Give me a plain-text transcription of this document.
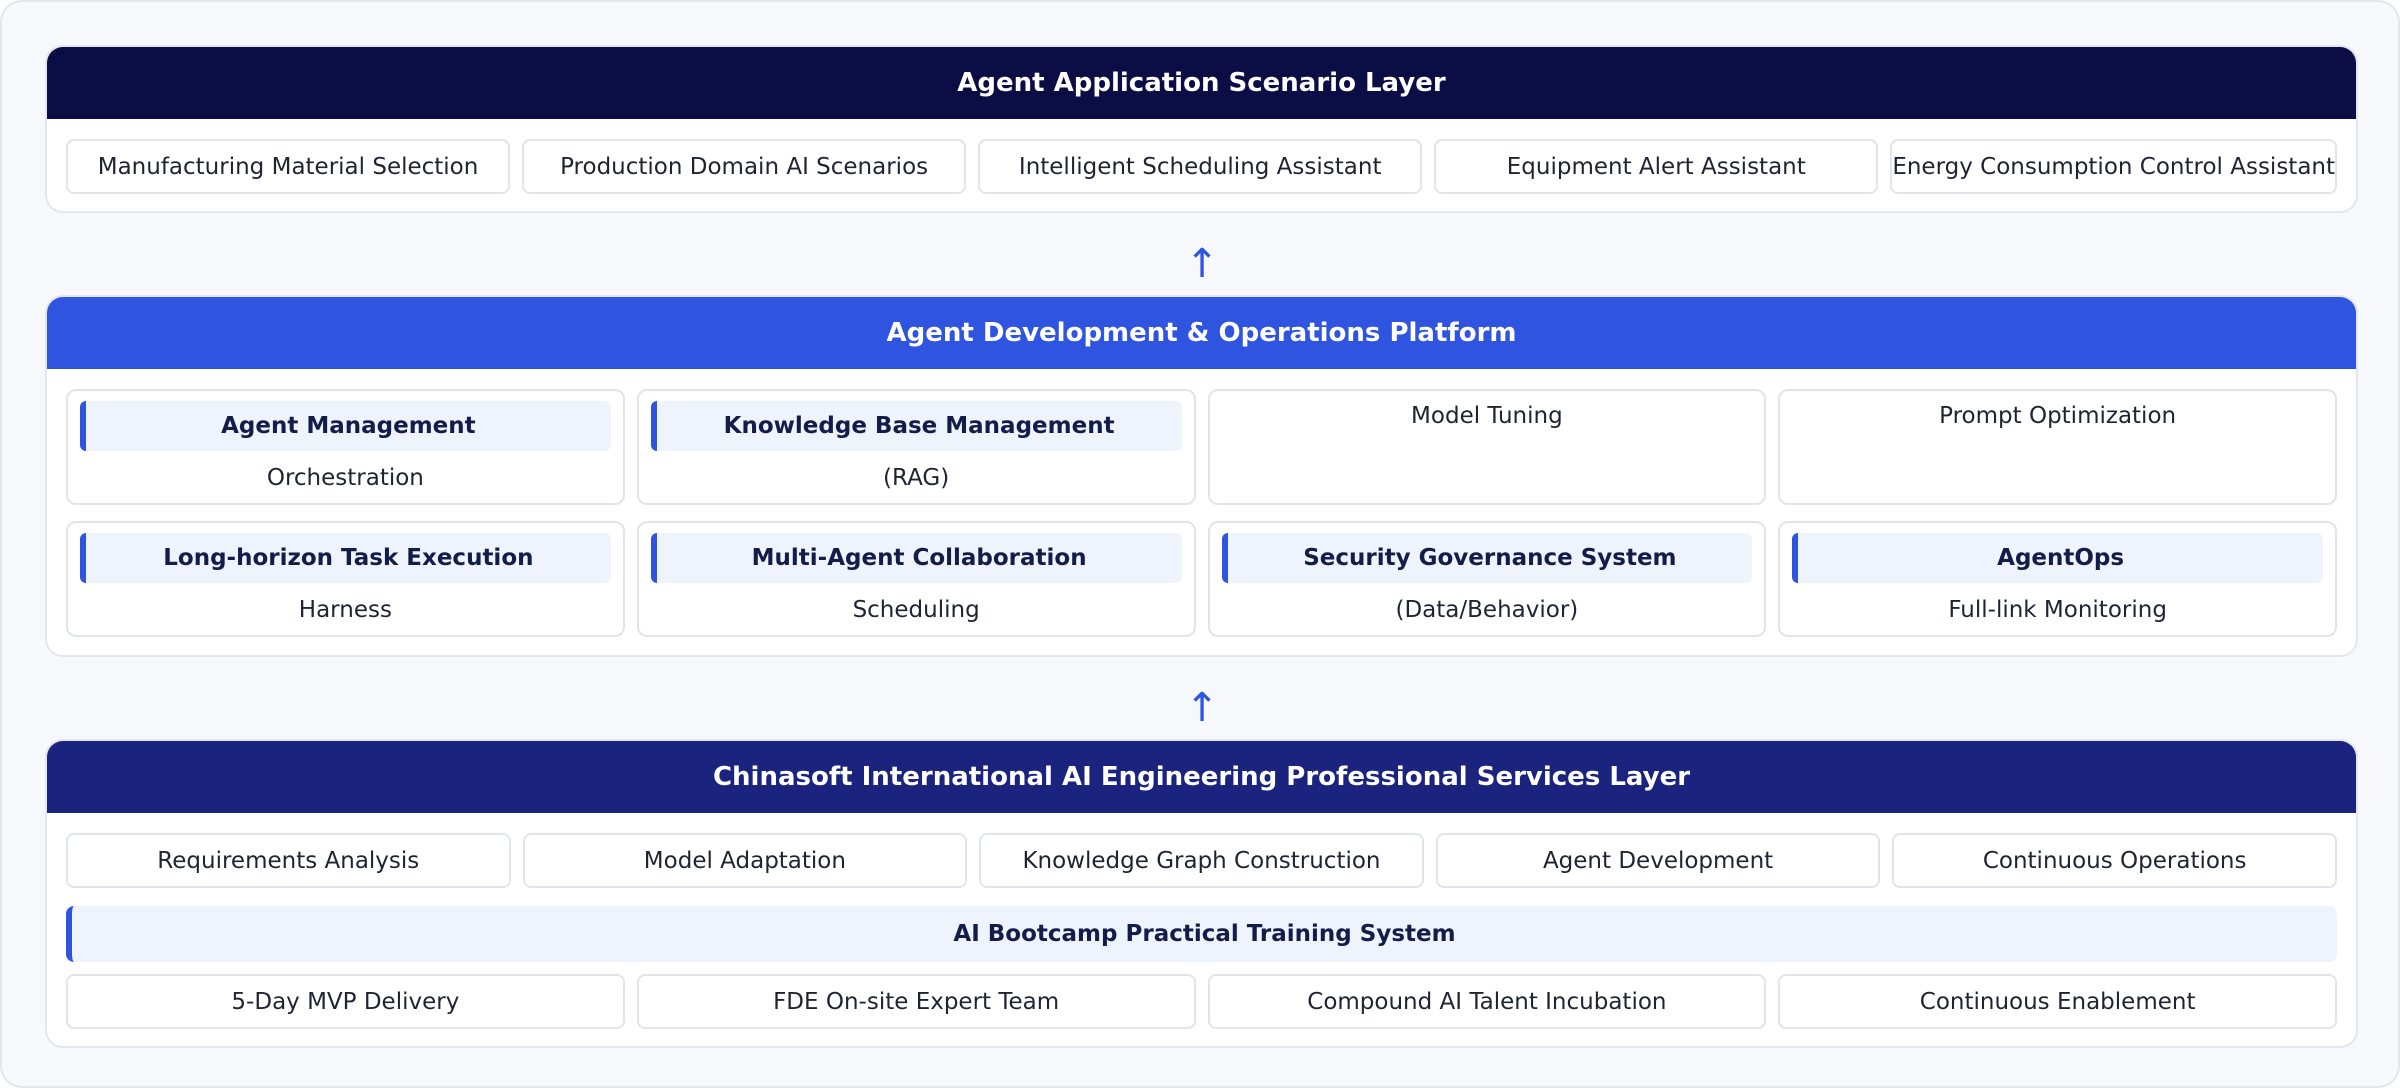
Agent Application Scenario Layer
Manufacturing Material Selection	Production Domain AI Scenarios	Intelligent Scheduling Assistant	Equipment Alert Assistant	Energy Consumption Control Assistant
↑
Agent Development & Operations Platform
Agent Management
Orchestration
Knowledge Base Management
(RAG)
Model Tuning	Prompt Optimization
Long-horizon Task Execution
Harness
Multi-Agent Collaboration
Scheduling
Security Governance System
(Data/Behavior)
AgentOps
Full-link Monitoring
↑
Chinasoft International AI Engineering Professional Services Layer
Requirements Analysis	Model Adaptation	Knowledge Graph Construction	Agent Development	Continuous Operations
AI Bootcamp Practical Training System
5-Day MVP Delivery	FDE On-site Expert Team	Compound AI Talent Incubation	Continuous Enablement
